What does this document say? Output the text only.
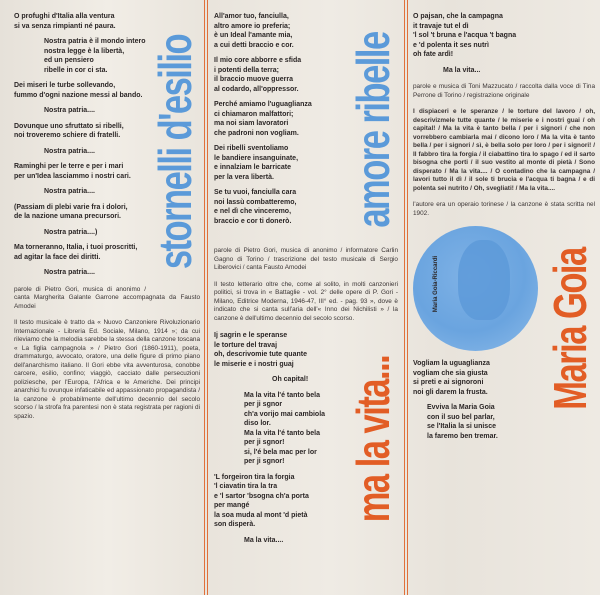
stornelli d'esilio
O profughi d'Italia alla ventura
si va senza rimpianti né paura.
Nostra patria è il mondo intero
nostra legge è la libertà,
ed un pensiero
ribelle in cor ci sta.
Dei miseri le turbe sollevando,
fummo d'ogni nazione messi al bando.
Nostra patria....
Dovunque uno sfruttato si ribelli,
noi troveremo schiere di fratelli.
Nostra patria....
Raminghi per le terre e per i mari
per un'Idea lasciammo i nostri cari.
Nostra patria....
(Passiam di plebi varie fra i dolori,
de la nazione umana precursori.
Nostra patria....)
Ma torneranno, Italia, i tuoi proscritti,
ad agitar la face dei diritti.
Nostra patria....
parole di Pietro Gori, musica di anonimo / canta Margherita Galante Garrone accompagnata da Fausto Amodei
Il testo musicale è tratto da « Nuovo Canzoniere Rivoluzionario Internazionale - Libreria Ed. Sociale, Milano, 1914 »; da cui rileviamo che la melodia sarebbe la stessa della canzone toscana « La figlia campagnola » / Pietro Gori (1860-1911), poeta, drammaturgo, avvocato, oratore, una delle figure di primo piano dell'anarchismo italiano. Il Gori ebbe vita avventurosa, conobbe carcere, esilio, confino; viaggiò, cacciato dalle persecuzioni poliziesche, per l'Europa, l'Africa e le Americhe. Dei principi anarchici fu ovunque infaticabile ed appassionato propagandista / la canzone è probabilmente dell'ultimo decennio del secolo scorso / la strofa fra parentesi non è stata registrata per ragioni di spazio.
amore ribelle
All'amor tuo, fanciulla,
altro amore io preferia;
è un Ideal l'amante mia,
a cui detti braccio e cor.
Il mio core abborre e sfida
i potenti della terra;
il braccio muove guerra
al codardo, all'oppressor.
Perché amiamo l'uguaglianza
ci chiamaron malfattori;
ma noi siam lavoratori
che padroni non vogliam.
Dei ribelli sventoliamo
le bandiere insanguinate,
e innalziam le barricate
per la vera libertà.
Se tu vuoi, fanciulla cara
noi lassù combatteremo,
e nel dì che vinceremo,
braccio e cor ti donerò.
parole di Pietro Gori, musica di anonimo / informatore Carlin Gagno di Torino / trascrizione del testo musicale di Sergio Liberovici / canta Fausto Amodei
Il testo letterario oltre che, come al solito, in molti canzonieri politici, si trova in « Battaglie - vol. 2° delle opere di P. Gori - Milano, Editrice Moderna, 1946-47, III° ed. - pag. 93 », dove è indicato che si canta sull'aria dell'« Inno dei Nichilisti » / la canzone è dell'ultimo decennio del secolo scorso.
ma la vita...
Ij sagrin e le speranse
le torture del travaj
oh, descrivomie tute quante
le miserie e i nostri guaj
Oh capital!
Ma la vita l'é tanto bela
per ji sgnor
ch'a vorijo mai cambiola
diso lor.
Ma la vita l'é tanto bela
per ji sgnor!
si, l'é bela mac per lor
per ji sgnor!
'L forgeiron tira la forgia
'l ciavatin tira la tra
e 'l sartor 'bsogna ch'a porta
per mangé
la soa muda al mont 'd pietà
son disperà.
Ma la vita....
O pajsan, che la campagna
it travaje tut el dì
'l sol 't bruna e l'acqua 't bagna
e 'd polenta it ses nutrì
oh fate ardì!
Ma la vita...
parole e musica di Toni Mazzucato / raccolta dalla voce di Tina Perrone di Torino / registrazione originale
I dispiaceri e le speranze / le torture del lavoro / oh, descrivizmele tutte quante / le miserie e i nostri guai / oh capital! / Ma la vita è tanto bella / per i signori / che non vorrebbero cambiarla mai / dicono loro / Ma la vita è tanto bella / per i signori / sì, è bella solo per loro / per i signori! / Il fabbro tira la forgia / il ciabattino tira lo spago / ed il sarto bisogna che porti / il suo vestito al monte di pietà / Sono disperato / Ma la vita.... / O contadino che la campagna / lavori tutto il dì / il sole ti brucia e l'acqua ti bagna / e di polenta sei nutrito / Oh, svegliati! / Ma la vita....
l'autore era un operaio torinese / la canzone è stata scritta nel 1902.
Maria Goia
Maria Goia-Riccardi
Vogliam la uguaglianza
vogliam che sia giusta
si preti e ai signoroni
noi gli darem la frusta.
Evviva la Maria Goia
con il suo bel parlar,
se l'Italia la si unisce
la faremo ben tremar.
